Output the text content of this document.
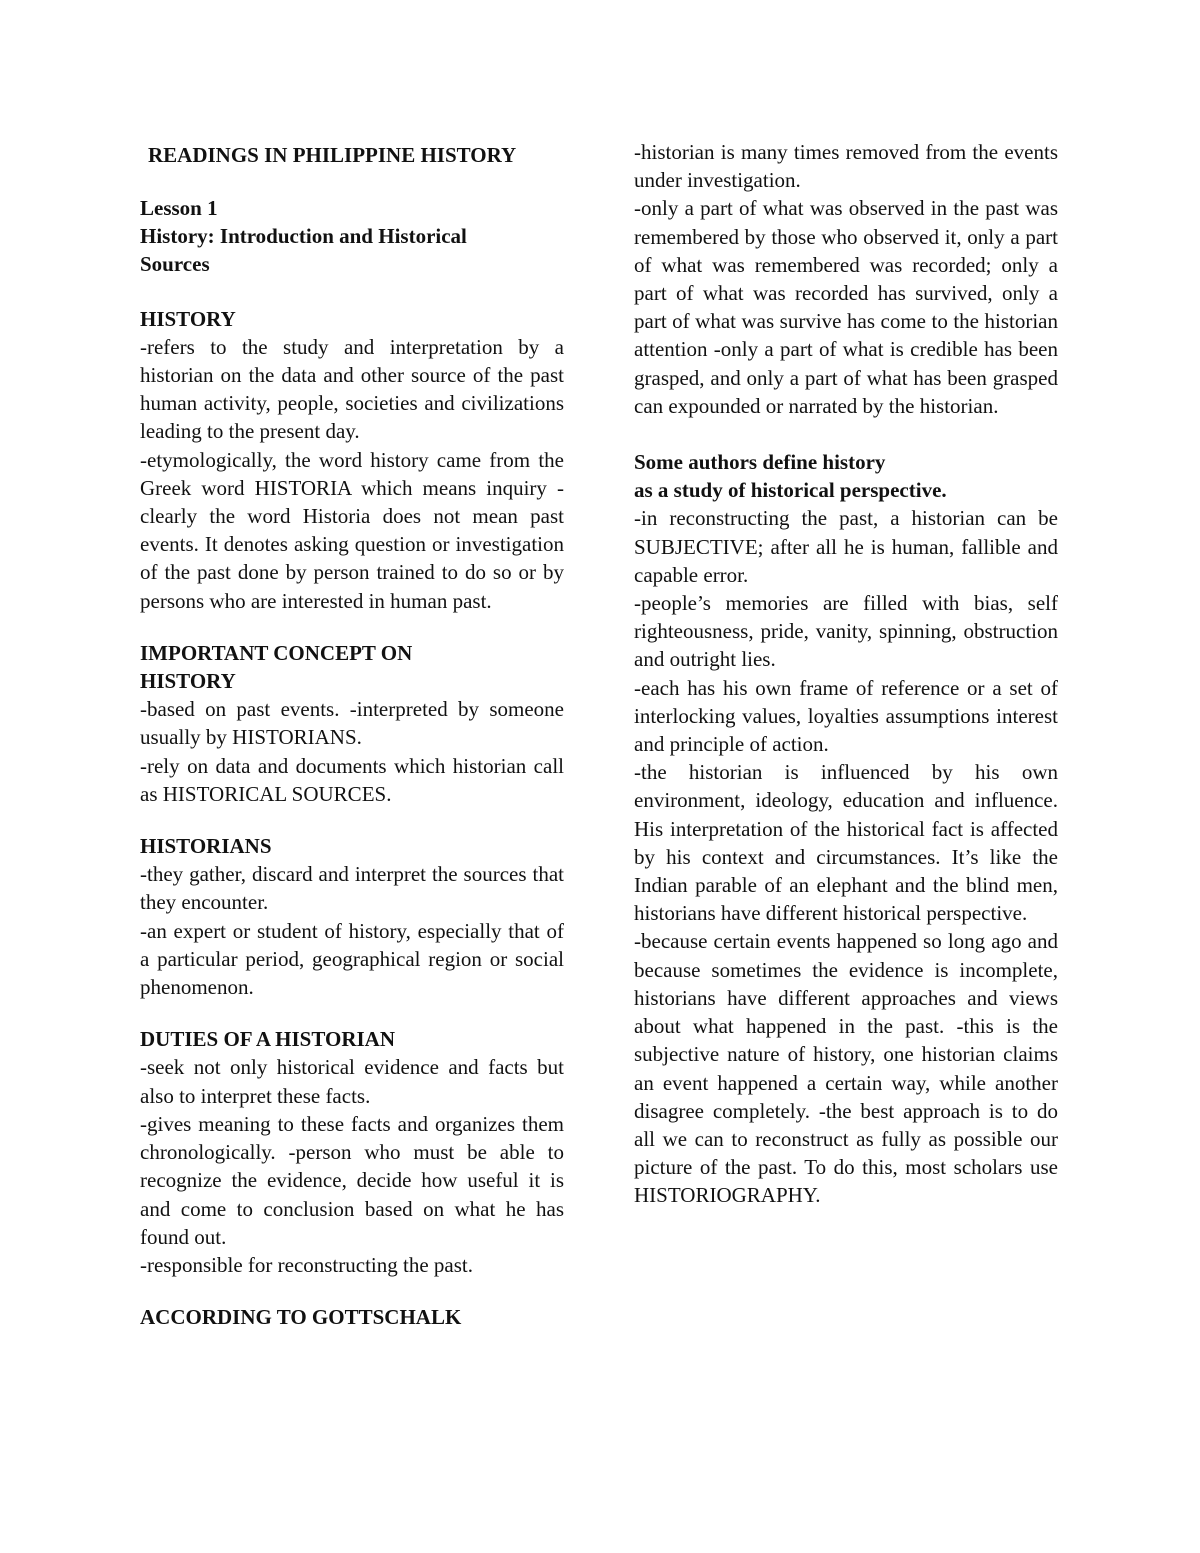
READINGS IN PHILIPPINE HISTORY
Lesson 1
History: Introduction and Historical
Sources
HISTORY

-refers to the study and interpretation by a historian on the data and other source of the past human activity, people, societies and civilizations leading to the present day.

-etymologically, the word history came from the Greek word HISTORIA which means inquiry -clearly the word Historia does not mean past events. It denotes asking question or investigation of the past done by person trained to do so or by persons who are interested in human past.

IMPORTANT CONCEPT ON
HISTORY

-based on past events. -interpreted by someone usually by HISTORIANS.

-rely on data and documents which historian call as HISTORICAL SOURCES.

HISTORIANS

-they gather, discard and interpret the sources that they encounter.

-an expert or student of history, especially that of a particular period, geographical region or social phenomenon.

DUTIES OF A HISTORIAN

-seek not only historical evidence and facts but also to interpret these facts.

-gives meaning to these facts and organizes them chronologically. -person who must be able to recognize the evidence, decide how useful it is and come to conclusion based on what he has found out.

-responsible for reconstructing the past.

ACCORDING TO GOTTSCHALK

-historian is many times removed from the events under investigation.

-only a part of what was observed in the past was remembered by those who observed it, only a part of what was remembered was recorded; only a part of what was recorded has survived, only a part of what was survive has come to the historian attention -only a part of what is credible has been grasped, and only a part of what has been grasped can expounded or narrated by the historian.

Some authors define history
as a study of historical perspective.

-in reconstructing the past, a historian can be SUBJECTIVE; after all he is human, fallible and capable error.

-people’s memories are filled with bias, self righteousness, pride, vanity, spinning, obstruction and outright lies.

-each has his own frame of reference or a set of interlocking values, loyalties assumptions interest and principle of action.

-the historian is influenced by his own environment, ideology, education and influence. His interpretation of the historical fact is affected by his context and circumstances. It’s like the Indian parable of an elephant and the blind men, historians have different historical perspective.

-because certain events happened so long ago and because sometimes the evidence is incomplete, historians have different approaches and views about what happened in the past. -this is the subjective nature of history, one historian claims an event happened a certain way, while another disagree completely. -the best approach is to do all we can to reconstruct as fully as possible our picture of the past. To do this, most scholars use HISTORIOGRAPHY.
